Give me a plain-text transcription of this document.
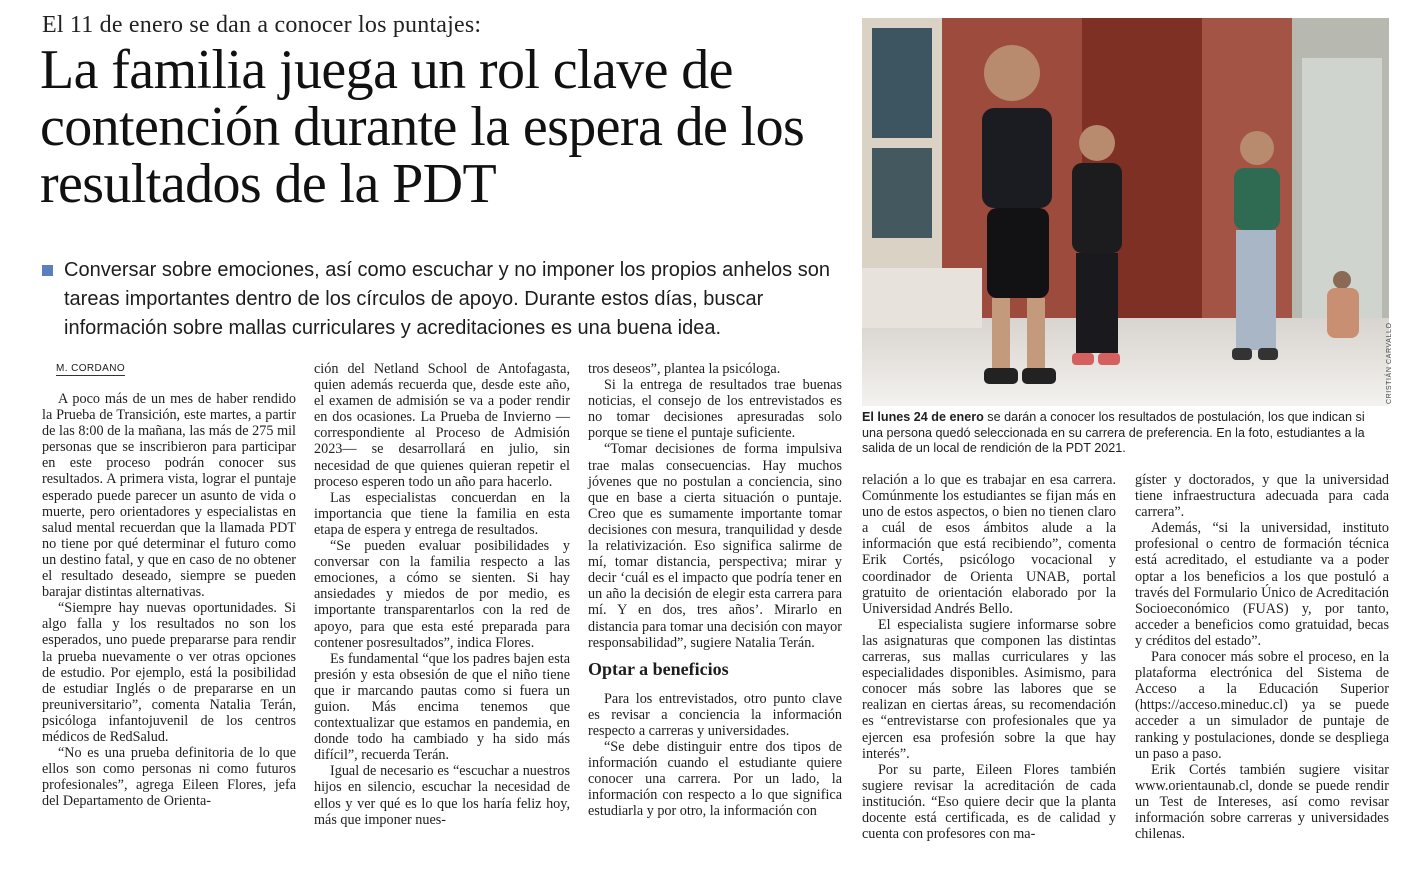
El 11 de enero se dan a conocer los puntajes:
La familia juega un rol clave de contención durante la espera de los resultados de la PDT
Conversar sobre emociones, así como escuchar y no imponer los propios anhelos son tareas importantes dentro de los círculos de apoyo. Durante estos días, buscar información sobre mallas curriculares y acreditaciones es una buena idea.
M. CORDANO

A poco más de un mes de haber rendido la Prueba de Transición, este martes, a partir de las 8:00 de la mañana, las más de 275 mil personas que se inscribieron para participar en este proceso podrán conocer sus resultados. A primera vista, lograr el puntaje esperado puede parecer un asunto de vida o muerte, pero orientadores y especialistas en salud mental recuerdan que la llamada PDT no tiene por qué determinar el futuro como un destino fatal, y que en caso de no obtener el resultado deseado, siempre se pueden barajar distintas alternativas.

“Siempre hay nuevas oportunidades. Si algo falla y los resultados no son los esperados, uno puede prepararse para rendir la prueba nuevamente o ver otras opciones de estudio. Por ejemplo, está la posibilidad de estudiar Inglés o de prepararse en un preuniversitario”, comenta Natalia Terán, psicóloga infantojuvenil de los centros médicos de RedSalud.

“No es una prueba definitoria de lo que ellos son como personas ni como futuros profesionales”, agrega Eileen Flores, jefa del Departamento de Orienta-

ción del Netland School de Antofagasta, quien además recuerda que, desde este año, el examen de admisión se va a poder rendir en dos ocasiones. La Prueba de Invierno —correspondiente al Proceso de Admisión 2023— se desarrollará en julio, sin necesidad de que quienes quieran repetir el proceso esperen todo un año para hacerlo.

Las especialistas concuerdan en la importancia que tiene la familia en esta etapa de espera y entrega de resultados.

“Se pueden evaluar posibilidades y conversar con la familia respecto a las emociones, a cómo se sienten. Si hay ansiedades y miedos de por medio, es importante transparentarlos con la red de apoyo, para que esta esté preparada para contener posresultados”, indica Flores.

Es fundamental “que los padres bajen esta presión y esta obsesión de que el niño tiene que ir marcando pautas como si fuera un guion. Más encima tenemos que contextualizar que estamos en pandemia, en donde todo ha cambiado y ha sido más difícil”, recuerda Terán.

Igual de necesario es “escuchar a nuestros hijos en silencio, escuchar la necesidad de ellos y ver qué es lo que los haría feliz hoy, más que imponer nues-

tros deseos”, plantea la psicóloga.

Si la entrega de resultados trae buenas noticias, el consejo de los entrevistados es no tomar decisiones apresuradas solo porque se tiene el puntaje suficiente.

“Tomar decisiones de forma impulsiva trae malas consecuencias. Hay muchos jóvenes que no postulan a conciencia, sino que en base a cierta situación o puntaje. Creo que es sumamente importante tomar decisiones con mesura, tranquilidad y desde la relativización. Eso significa salirme de mí, tomar distancia, perspectiva; mirar y decir ‘cuál es el impacto que podría tener en un año la decisión de elegir esta carrera para mí. Y en dos, tres años’. Mirarlo en distancia para tomar una decisión con mayor responsabilidad”, sugiere Natalia Terán.

Optar a beneficios

Para los entrevistados, otro punto clave es revisar a conciencia la información respecto a carreras y universidades.

“Se debe distinguir entre dos tipos de información cuando el estudiante quiere conocer una carrera. Por un lado, la información con respecto a lo que significa estudiarla y por otro, la información con

CRISTIÁN CARVALLO
El lunes 24 de enero se darán a conocer los resultados de postulación, los que indican si una persona quedó seleccionada en su carrera de preferencia. En la foto, estudiantes a la salida de un local de rendición de la PDT 2021.

relación a lo que es trabajar en esa carrera. Comúnmente los estudiantes se fijan más en uno de estos aspectos, o bien no tienen claro a cuál de esos ámbitos alude a la información que está recibiendo”, comenta Erik Cortés, psicólogo vocacional y coordinador de Orienta UNAB, portal gratuito de orientación elaborado por la Universidad Andrés Bello.

El especialista sugiere informarse sobre las asignaturas que componen las distintas carreras, sus mallas curriculares y las especialidades disponibles. Asimismo, para conocer más sobre las labores que se realizan en ciertas áreas, su recomendación es “entrevistarse con profesionales que ya ejercen esa profesión sobre la que hay interés”.

Por su parte, Eileen Flores también sugiere revisar la acreditación de cada institución. “Eso quiere decir que la planta docente está certificada, es de calidad y cuenta con profesores con ma-

gíster y doctorados, y que la universidad tiene infraestructura adecuada para cada carrera”.

Además, “si la universidad, instituto profesional o centro de formación técnica está acreditado, el estudiante va a poder optar a los beneficios a los que postuló a través del Formulario Único de Acreditación Socioeconómico (FUAS) y, por tanto, acceder a beneficios como gratuidad, becas y créditos del estado”.

Para conocer más sobre el proceso, en la plataforma electrónica del Sistema de Acceso a la Educación Superior (https://acceso.mineduc.cl) ya se puede acceder a un simulador de puntaje de ranking y postulaciones, donde se despliega un paso a paso.

Erik Cortés también sugiere visitar www.orientaunab.cl, donde se puede rendir un Test de Intereses, así como revisar información sobre carreras y universidades chilenas.
